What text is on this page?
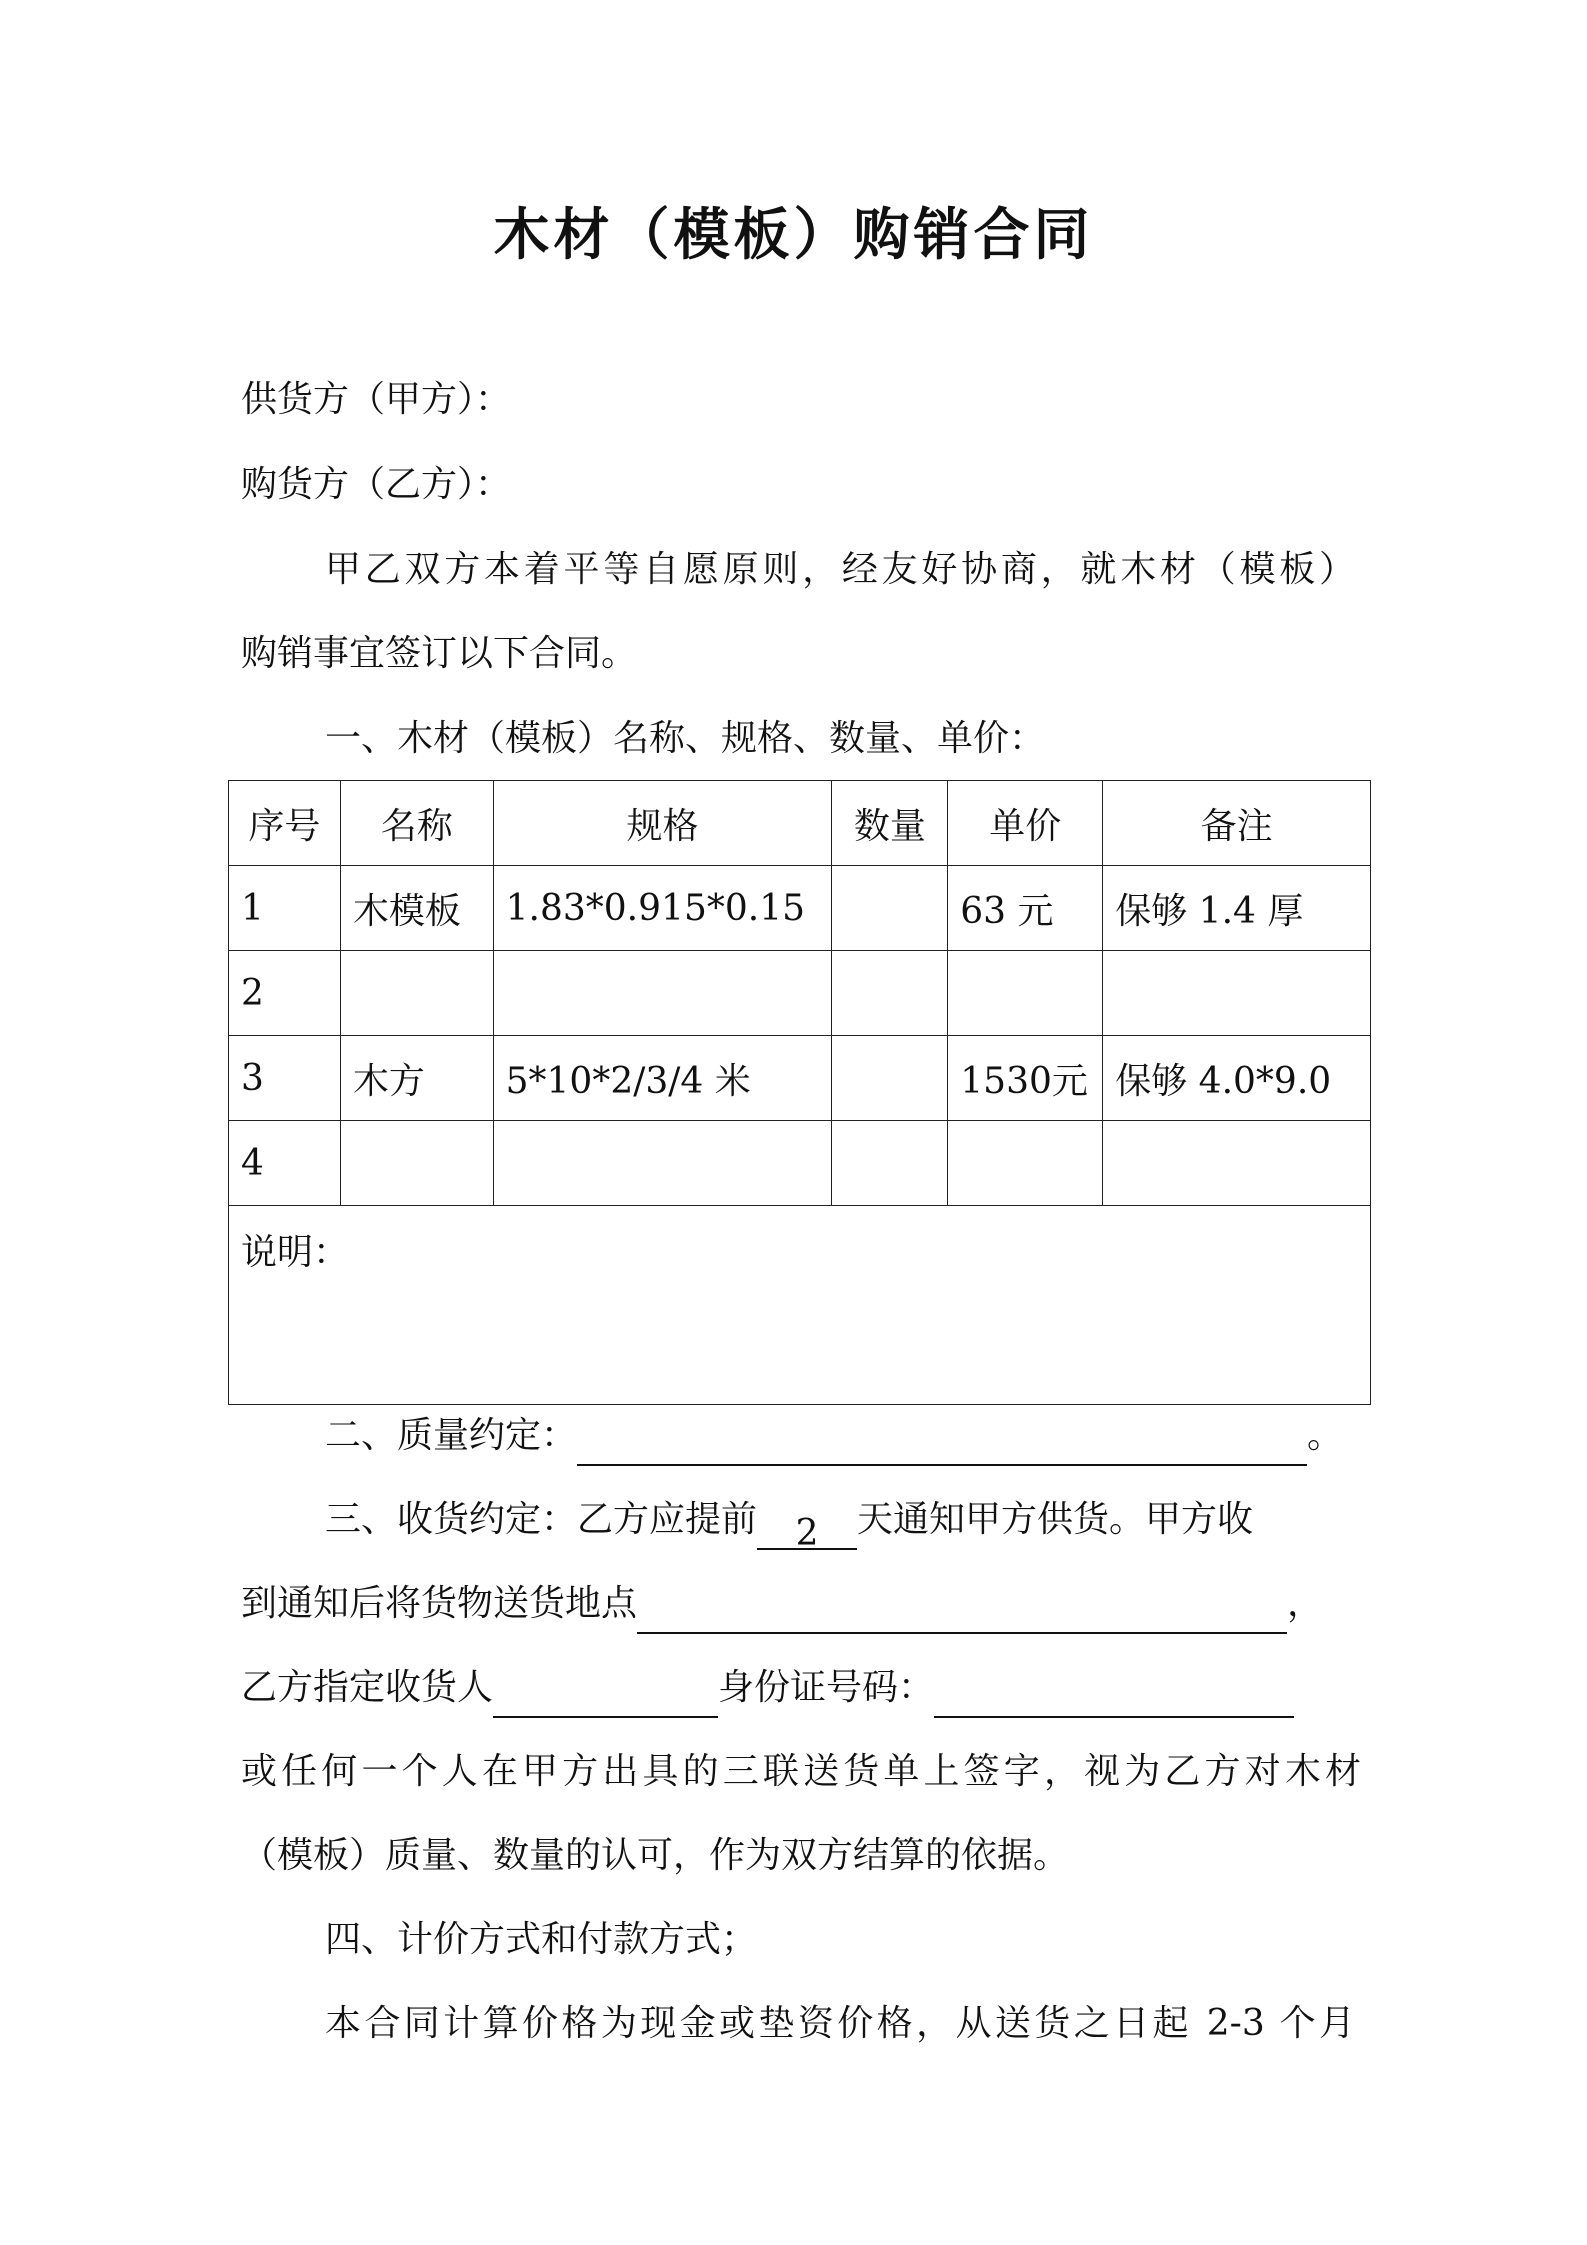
木材（模板）购销合同
供货方（甲方）：
购货方（乙方）：
甲乙双方本着平等自愿原则，经友好协商，就木材（模板）
购销事宜签订以下合同。
一、木材（模板）名称、规格、数量、单价：
序号	名称	规格	数量	单价	备注
1	木模板	1.83*0.915*0.15		63 元	保够 1.4 厚
2					
3	木方	5*10*2/3/4 米		1530元	保够 4.0*9.0
4					
说明：					
二、质量约定：	。
三、收货约定：乙方应提前 2 天通知甲方供货。甲方收
到通知后将货物送货地点	，
乙方指定收货人	身份证号码：
或任何一个人在甲方出具的三联送货单上签字，视为乙方对木材
（模板）质量、数量的认可，作为双方结算的依据。
四、计价方式和付款方式；
本合同计算价格为现金或垫资价格，从送货之日起 2-3 个月
